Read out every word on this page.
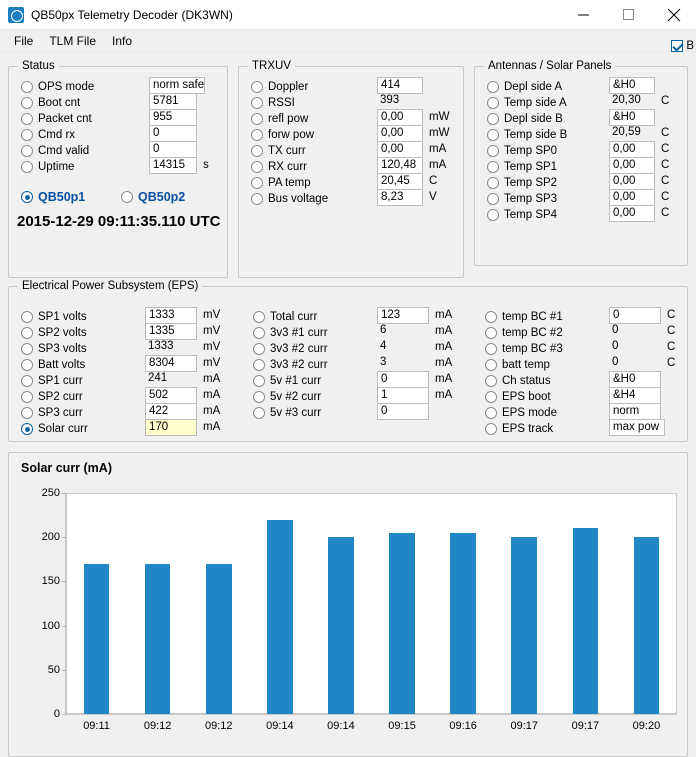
QB50px Telemetry Decoder (DK3WN)
File	TLM File	Info
Status
OPS mode	norm safe
Boot cnt	5781
Packet cnt	955
Cmd rx	0
Cmd valid	0
Uptime	14315	s
QB50p1	QB50p2
2015-12-29 09:11:35.110 UTC
TRXUV
Doppler	414
RSSI	393
refl pow	0,00	mW
forw pow	0,00	mW
TX curr	0,00	mA
RX curr	120,48	mA
PA temp	20,45	C
Bus voltage	8,23	V
Antennas / Solar Panels
Depl side A	&H0
Temp side A	20,30	C
Depl side B	&H0
Temp side B	20,59	C
Temp SP0	0,00	C
Temp SP1	0,00	C
Temp SP2	0,00	C
Temp SP3	0,00	C
Temp SP4	0,00	C
Electrical Power Subsystem (EPS)
SP1 volts	1333	mV
SP2 volts	1335	mV
SP3 volts	1333	mV
Batt volts	8304	mV
SP1 curr	241	mA
SP2 curr	502	mA
SP3 curr	422	mA
Solar curr	170	mA
Total curr	123	mA
3v3 #1 curr	6	mA
3v3 #2 curr	4	mA
3v3 #2 curr	3	mA
5v #1 curr	0	mA
5v #2 curr	1	mA
5v #3 curr	0
temp BC #1	0	C
temp BC #2	0	C
temp BC #3	0	C
batt temp	0	C
Ch status	&H0
EPS boot	&H4
EPS mode	norm
EPS track	max pow
Solar curr (mA)
0
50
100
150
200
250
09:11	09:12	09:12	09:14	09:14	09:15	09:16	09:17	09:17	09:20
B
